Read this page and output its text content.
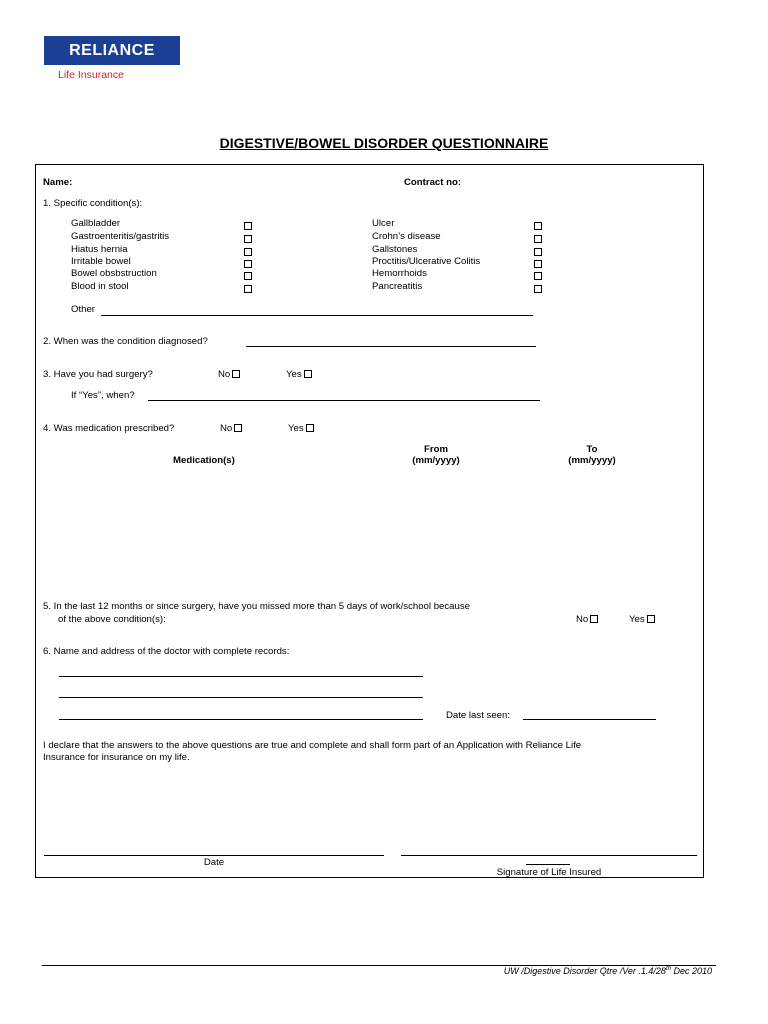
RELIANCE
Life Insurance
DIGESTIVE/BOWEL DISORDER QUESTIONNAIRE
Name:	Contract no:
1. Specific condition(s):
Gallbladder
Gastroenteritis/gastritis
Hiatus hernia
Irritable bowel
Bowel obsbstruction
Blood in stool
Ulcer
Crohn’s disease
Gallstones
Proctitis/Ulcerative Colitis
Hemorrhoids
Pancreatitis
Other
2. When was the condition diagnosed?
3. Have you had surgery?	No	Yes
If “Yes”, when?
4. Was medication prescribed?	No	Yes
Medication(s)
From
(mm/yyyy)
To
(mm/yyyy)
5. In the last 12 months or since surgery, have you missed more than 5 days of work/school because
of the above condition(s):	No	Yes
6. Name and address of the doctor with complete records:
Date last seen:
I declare that the answers to the above questions are true and complete and shall form part of an Application with Reliance Life
Insurance for insurance on my life.
Date
Signature of Life Insured
UW /Digestive Disorder Qtre /Ver .1.4/28th Dec 2010
